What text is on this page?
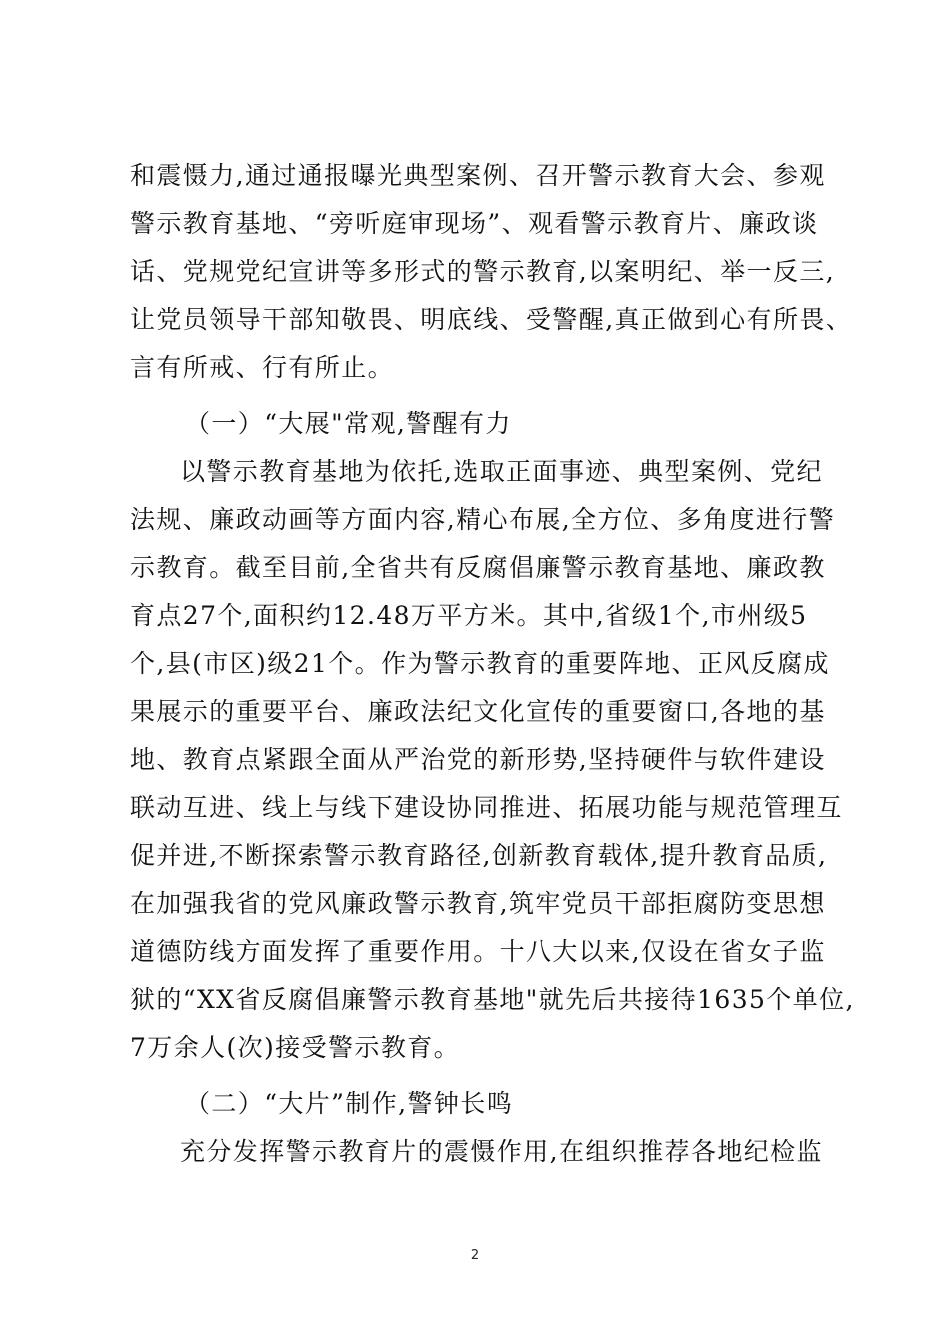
和震慑力,通过通报曝光典型案例、召开警示教育大会、参观
警示教育基地、“旁听庭审现场”、观看警示教育片、廉政谈
话、党规党纪宣讲等多形式的警示教育,以案明纪、举一反三,
让党员领导干部知敬畏、明底线、受警醒,真正做到心有所畏、
言有所戒、行有所止。
（一）“大展"常观,警醒有力
以警示教育基地为依托,选取正面事迹、典型案例、党纪
法规、廉政动画等方面内容,精心布展,全方位、多角度进行警
示教育。截至目前,全省共有反腐倡廉警示教育基地、廉政教
育点27个,面积约12.48万平方米。其中,省级1个,市州级5
个,县(市区)级21个。作为警示教育的重要阵地、正风反腐成
果展示的重要平台、廉政法纪文化宣传的重要窗口,各地的基
地、教育点紧跟全面从严治党的新形势,坚持硬件与软件建设
联动互进、线上与线下建设协同推进、拓展功能与规范管理互
促并进,不断探索警示教育路径,创新教育载体,提升教育品质,
在加强我省的党风廉政警示教育,筑牢党员干部拒腐防变思想
道德防线方面发挥了重要作用。十八大以来,仅设在省女子监
狱的“XX省反腐倡廉警示教育基地"就先后共接待1635个单位,
7万余人(次)接受警示教育。
（二）“大片”制作,警钟长鸣
充分发挥警示教育片的震慑作用,在组织推荐各地纪检监
2
